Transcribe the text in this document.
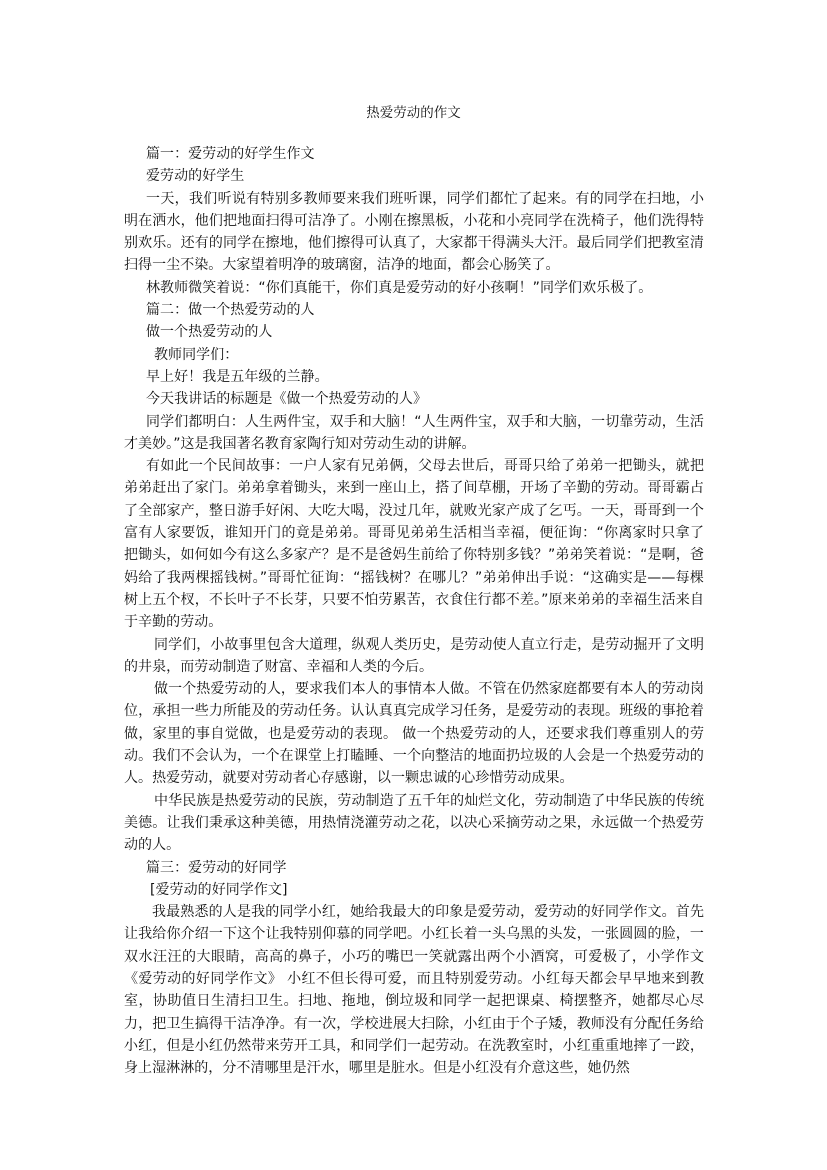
热爱劳动的作文

篇一：爱劳动的好学生作文

爱劳动的好学生

一天，我们听说有特别多教师要来我们班听课，同学们都忙了起来。有的同学在扫地，小明在洒水，他们把地面扫得可洁净了。小刚在擦黑板，小花和小亮同学在洗椅子，他们洗得特别欢乐。还有的同学在擦地，他们擦得可认真了，大家都干得满头大汗。最后同学们把教室清扫得一尘不染。大家望着明净的玻璃窗，洁净的地面，都会心肠笑了。

林教师微笑着说：“你们真能干，你们真是爱劳动的好小孩啊！”同学们欢乐极了。

篇二：做一个热爱劳动的人

做一个热爱劳动的人

教师同学们：

早上好！我是五年级的兰静。

今天我讲话的标题是《做一个热爱劳动的人》

同学们都明白：人生两件宝，双手和大脑！“人生两件宝，双手和大脑，一切靠劳动，生活才美妙。”这是我国著名教育家陶行知对劳动生动的讲解。

有如此一个民间故事：一户人家有兄弟俩，父母去世后，哥哥只给了弟弟一把锄头，就把弟弟赶出了家门。弟弟拿着锄头，来到一座山上，搭了间草棚，开场了辛勤的劳动。哥哥霸占了全部家产，整日游手好闲、大吃大喝，没过几年，就败光家产成了乞丐。一天，哥哥到一个富有人家要饭，谁知开门的竟是弟弟。哥哥见弟弟生活相当幸福，便征询：“你离家时只拿了把锄头，如何如今有这么多家产？是不是爸妈生前给了你特别多钱？”弟弟笑着说：“是啊，爸妈给了我两棵摇钱树。”哥哥忙征询：“摇钱树？在哪儿？”弟弟伸出手说：“这确实是——每棵树上五个杈，不长叶子不长芽，只要不怕劳累苦，衣食住行都不差。”原来弟弟的幸福生活来自于辛勤的劳动。

同学们，小故事里包含大道理，纵观人类历史，是劳动使人直立行走，是劳动掘开了文明的井泉，而劳动制造了财富、幸福和人类的今后。

做一个热爱劳动的人，要求我们本人的事情本人做。不管在仍然家庭都要有本人的劳动岗位，承担一些力所能及的劳动任务。认认真真完成学习任务，是爱劳动的表现。班级的事抢着做，家里的事自觉做，也是爱劳动的表现。 做一个热爱劳动的人，还要求我们尊重别人的劳动。我们不会认为，一个在课堂上打瞌睡、一个向整洁的地面扔垃圾的人会是一个热爱劳动的人。热爱劳动，就要对劳动者心存感谢，以一颗忠诚的心珍惜劳动成果。

中华民族是热爱劳动的民族，劳动制造了五千年的灿烂文化，劳动制造了中华民族的传统美德。让我们秉承这种美德，用热情浇灌劳动之花，以决心采摘劳动之果，永远做一个热爱劳动的人。

篇三：爱劳动的好同学

[爱劳动的好同学作文]

我最熟悉的人是我的同学小红，她给我最大的印象是爱劳动，爱劳动的好同学作文。首先让我给你介绍一下这个让我特别仰慕的同学吧。小红长着一头乌黑的头发，一张圆圆的脸，一双水汪汪的大眼睛，高高的鼻子，小巧的嘴巴一笑就露出两个小酒窝，可爱极了，小学作文《爱劳动的好同学作文》 小红不但长得可爱，而且特别爱劳动。小红每天都会早早地来到教室，协助值日生清扫卫生。扫地、拖地，倒垃圾和同学一起把课桌、椅摆整齐，她都尽心尽力，把卫生搞得干洁净净。有一次，学校进展大扫除，小红由于个子矮，教师没有分配任务给小红，但是小红仍然带来劳开工具，和同学们一起劳动。在洗教室时，小红重重地摔了一跤，身上湿淋淋的，分不清哪里是汗水，哪里是脏水。但是小红没有介意这些，她仍然
